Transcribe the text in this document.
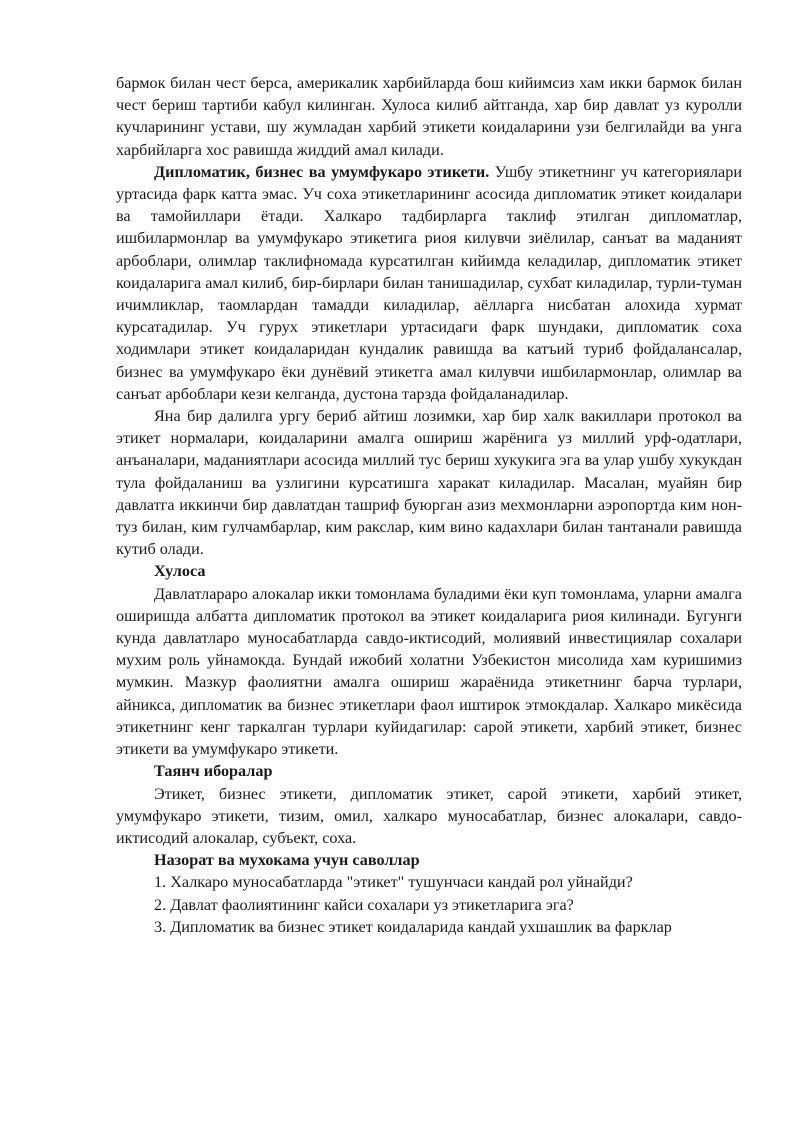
бармок билан чест берса, америкалик харбийларда бош кийимсиз хам икки бармок билан чест бериш тартиби кабул килинган. Хулоса килиб айтганда, хар бир давлат уз куролли кучларининг устави, шу жумладан харбий этикети коидаларини узи белгилайди ва унга харбийларга хос равишда жиддий амал килади.

Дипломатик, бизнес ва умумфукаро этикети. Ушбу этикетнинг уч категориялари уртасида фарк катта эмас. Уч соха этикетларининг асосида дипломатик этикет коидалари ва тамойиллари ётади. Халкаро тадбирларга таклиф этилган дипломатлар, ишбилармонлар ва умумфукаро этикетига риоя килувчи зиёлилар, санъат ва маданият арбоблари, олимлар таклифномада курсатилган кийимда келадилар, дипломатик этикет коидаларига амал килиб, бир-бирлари билан танишадилар, сухбат киладилар, турли-туман ичимликлар, таомлардан тамадди киладилар, аёлларга нисбатан алохида хурмат курсатадилар. Уч гурух этикетлари уртасидаги фарк шундаки, дипломатик соха ходимлари этикет коидаларидан кундалик равишда ва катъий туриб фойдалансалар, бизнес ва умумфукаро ёки дунёвий этикетга амал килувчи ишбилармонлар, олимлар ва санъат арбоблари кези келганда, дустона тарзда фойдаланадилар.

Яна бир далилга ургу бериб айтиш лозимки, хар бир халк вакиллари протокол ва этикет нормалари, коидаларини амалга ошириш жарёнига уз миллий урф-одатлари, анъаналари, маданиятлари асосида миллий тус бериш хукукига эга ва улар ушбу хукукдан тула фойдаланиш ва узлигини курсатишга харакат киладилар. Масалан, муайян бир давлатга иккинчи бир давлатдан ташриф буюрган азиз мехмонларни аэропортда ким нон-туз билан, ким гулчамбарлар, ким ракслар, ким вино кадахлари билан тантанали равишда кутиб олади.

Хулоса

Давлатлараро алокалар икки томонлама буладими ёки куп томонлама, уларни амалга оширишда албатта дипломатик протокол ва этикет коидаларига риоя килинади. Бугунги кунда давлатларо муносабатларда савдо-иктисодий, молиявий инвестициялар сохалари мухим роль уйнамокда. Бундай ижобий холатни Узбекистон мисолида хам куришимиз мумкин. Мазкур фаолиятни амалга ошириш жараёнида этикетнинг барча турлари, айникса, дипломатик ва бизнес этикетлари фаол иштирок этмокдалар. Халкаро микёсида этикетнинг кенг таркалган турлари куйидагилар: сарой этикети, харбий этикет, бизнес этикети ва умумфукаро этикети.

Таянч иборалар

Этикет, бизнес этикети, дипломатик этикет, сарой этикети, харбий этикет, умумфукаро этикети, тизим, омил, халкаро муносабатлар, бизнес алокалари, савдо-иктисодий алокалар, субъект, соха.

Назорат ва мухокама учун саволлар

1. Халкаро муносабатларда "этикет" тушунчаси кандай рол уйнайди?

2. Давлат фаолиятининг кайси сохалари уз этикетларига эга?

3. Дипломатик ва бизнес этикет коидаларида кандай ухшашлик ва фарклар
